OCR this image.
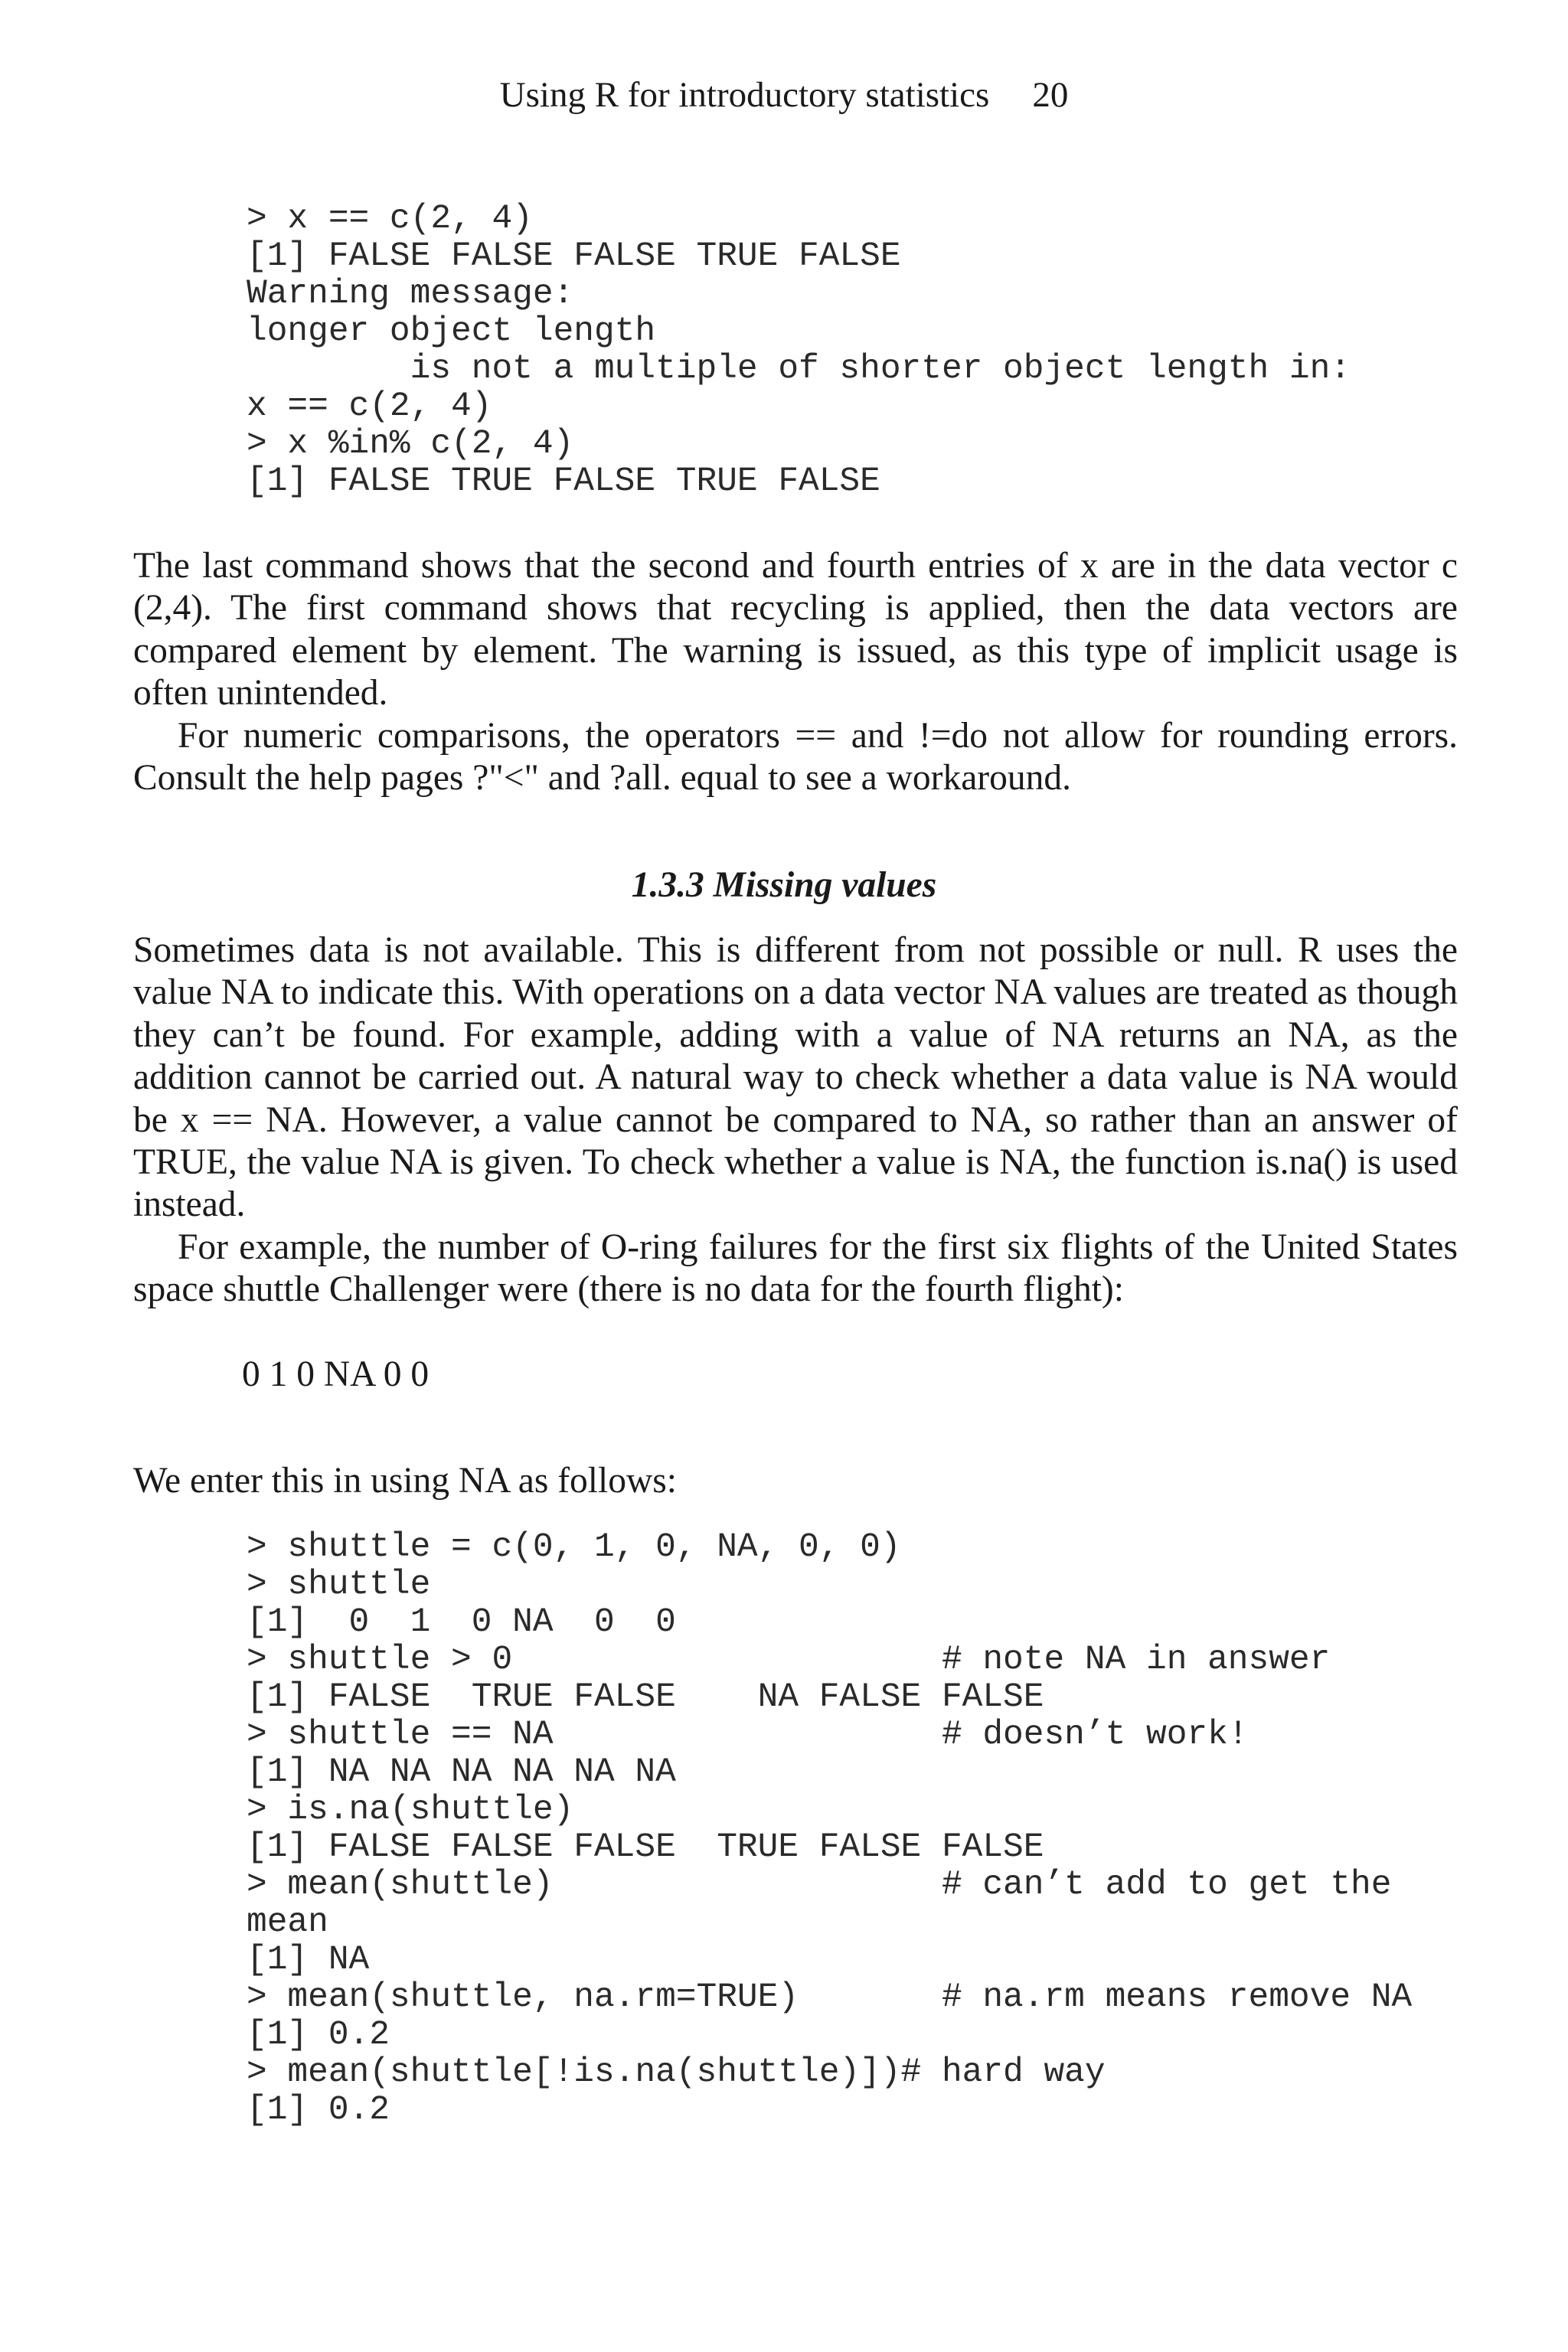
Using R for introductory statistics 20
> x == c(2, 4)
[1] FALSE FALSE FALSE TRUE FALSE
Warning message:
longer object length
is not a multiple of shorter object length in:
x == c(2, 4)
> x %in% c(2, 4)
[1] FALSE TRUE FALSE TRUE FALSE

The last command shows that the second and fourth entries of x are in the data vector c (2,4). The first command shows that recycling is applied, then the data vectors are compared element by element. The warning is issued, as this type of implicit usage is often unintended.

For numeric comparisons, the operators == and !=do not allow for rounding errors. Consult the help pages ?"<" and ?all. equal to see a workaround.

1.3.3 Missing values

Sometimes data is not available. This is different from not possible or null. R uses the value NA to indicate this. With operations on a data vector NA values are treated as though they can’t be found. For example, adding with a value of NA returns an NA, as the addition cannot be carried out. A natural way to check whether a data value is NA would be x == NA. However, a value cannot be compared to NA, so rather than an answer of TRUE, the value NA is given. To check whether a value is NA, the function is.na() is used instead.

For example, the number of O-ring failures for the first six flights of the United States space shuttle Challenger were (there is no data for the fourth flight):

0 1 0 NA 0 0

We enter this in using NA as follows:

> shuttle = c(0, 1, 0, NA, 0, 0)
> shuttle
[1]  0  1  0 NA  0  0
> shuttle > 0                     # note NA in answer
[1] FALSE  TRUE FALSE    NA FALSE FALSE
> shuttle == NA                   # doesn’t work!
[1] NA NA NA NA NA NA
> is.na(shuttle)
[1] FALSE FALSE FALSE  TRUE FALSE FALSE
> mean(shuttle)                   # can’t add to get the
mean
[1] NA
> mean(shuttle, na.rm=TRUE)       # na.rm means remove NA
[1] 0.2
> mean(shuttle[!is.na(shuttle)])# hard way
[1] 0.2
